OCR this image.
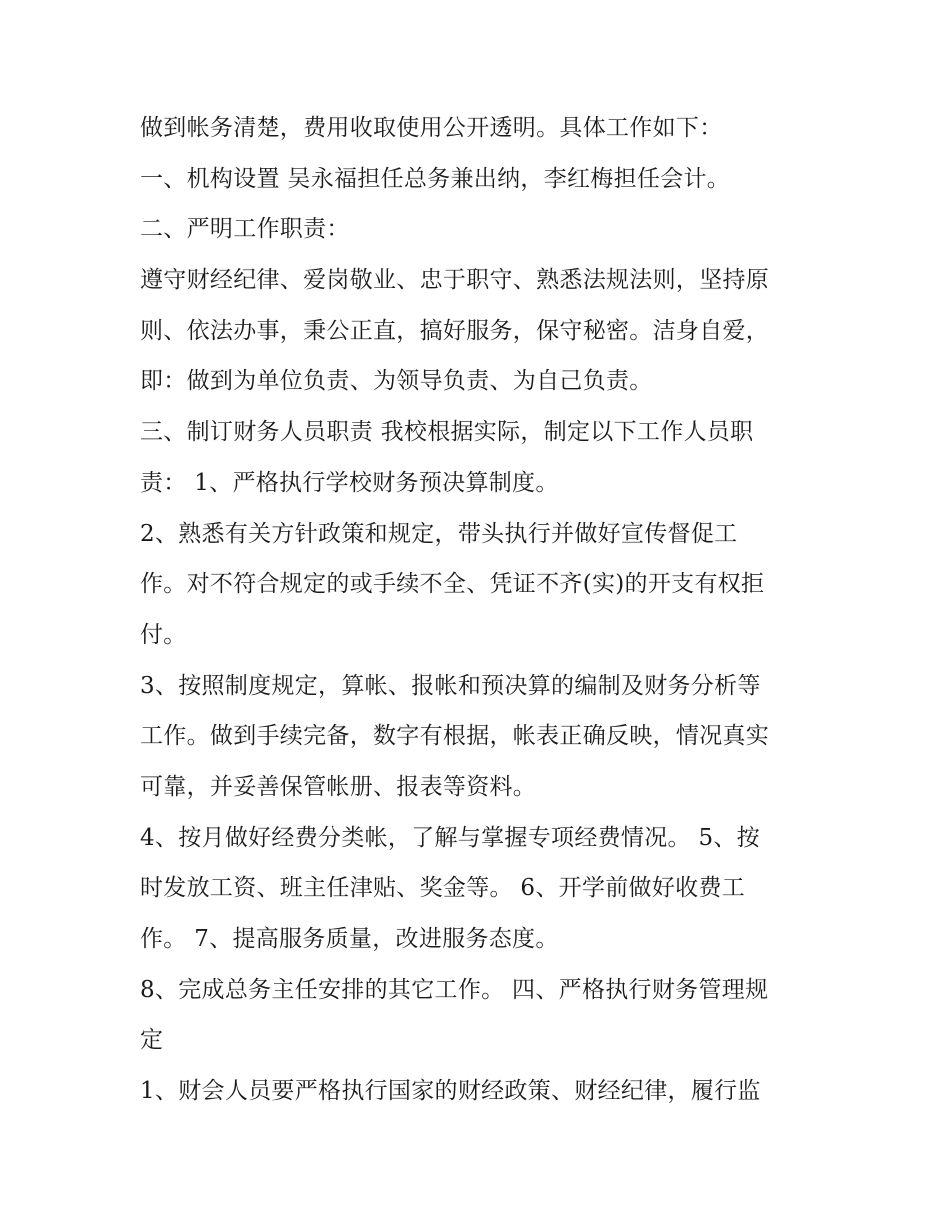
做到帐务清楚，费用收取使用公开透明。具体工作如下：
一、机构设置 吴永福担任总务兼出纳，李红梅担任会计。
二、严明工作职责：
遵守财经纪律、爱岗敬业、忠于职守、熟悉法规法则，坚持原
则、依法办事，秉公正直，搞好服务，保守秘密。洁身自爱，
即：做到为单位负责、为领导负责、为自己负责。
三、制订财务人员职责 我校根据实际，制定以下工作人员职
责： 1、严格执行学校财务预决算制度。
2、熟悉有关方针政策和规定，带头执行并做好宣传督促工
作。对不符合规定的或手续不全、凭证不齐(实)的开支有权拒
付。
3、按照制度规定，算帐、报帐和预决算的编制及财务分析等
工作。做到手续完备，数字有根据，帐表正确反映，情况真实
可靠，并妥善保管帐册、报表等资料。
4、按月做好经费分类帐，了解与掌握专项经费情况。 5、按
时发放工资、班主任津贴、奖金等。 6、开学前做好收费工
作。 7、提高服务质量，改进服务态度。
8、完成总务主任安排的其它工作。 四、严格执行财务管理规
定
1、财会人员要严格执行国家的财经政策、财经纪律，履行监
